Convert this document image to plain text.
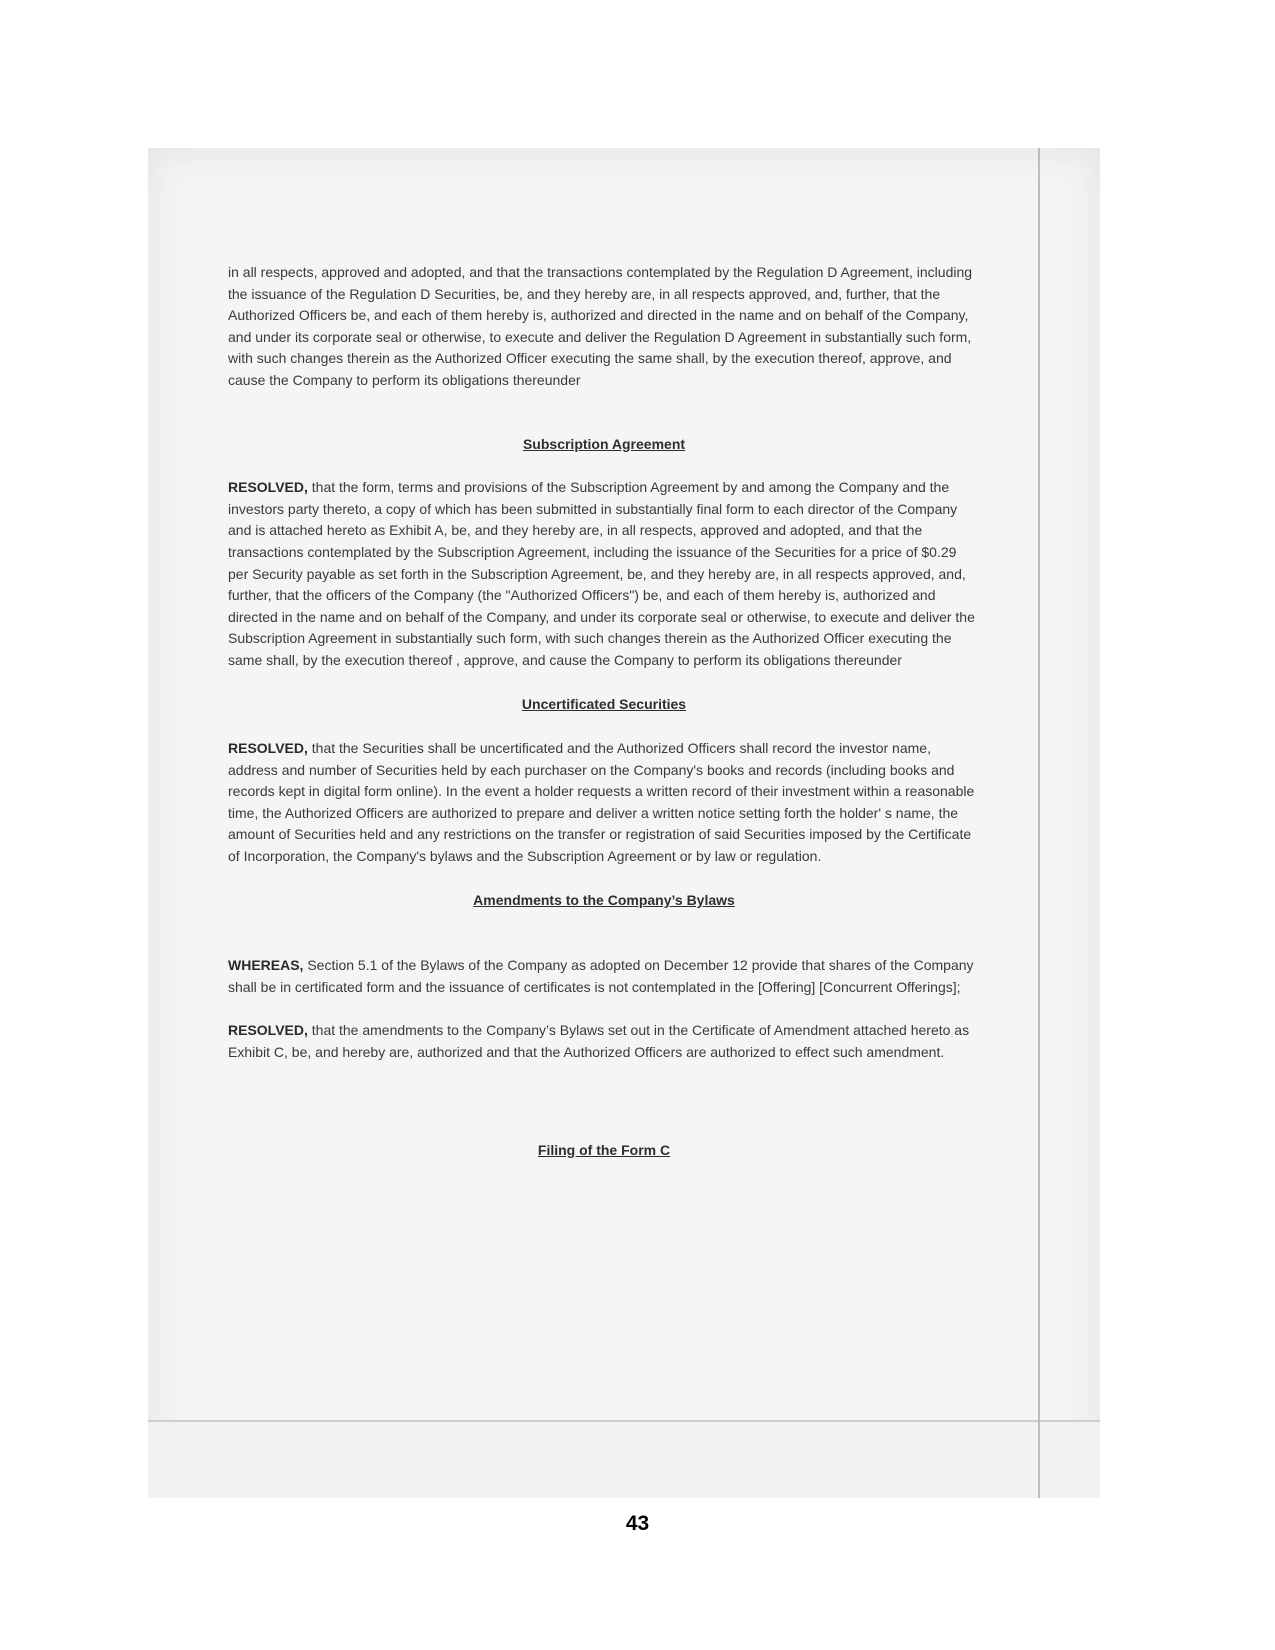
in all respects, approved and adopted, and that the transactions contemplated by the Regulation D Agreement, including the issuance of the Regulation D Securities, be, and they hereby are, in all respects approved, and, further, that the Authorized Officers be, and each of them hereby is, authorized and directed in the name and on behalf of the Company, and under its corporate seal or otherwise, to execute and deliver the Regulation D Agreement in substantially such form, with such changes therein as the Authorized Officer executing the same shall, by the execution thereof, approve, and cause the Company to perform its obligations thereunder

Subscription Agreement

RESOLVED, that the form, terms and provisions of the Subscription Agreement by and among the Company and the investors party thereto, a copy of which has been submitted in substantially final form to each director of the Company and is attached hereto as Exhibit A, be, and they hereby are, in all respects, approved and adopted, and that the transactions contemplated by the Subscription Agreement, including the issuance of the Securities for a price of $0.29 per Security payable as set forth in the Subscription Agreement, be, and they hereby are, in all respects approved, and, further, that the officers of the Company (the "Authorized Officers") be, and each of them hereby is, authorized and directed in the name and on behalf of the Company, and under its corporate seal or otherwise, to execute and deliver the Subscription Agreement in substantially such form, with such changes therein as the Authorized Officer executing the same shall, by the execution thereof , approve, and cause the Company to perform its obligations thereunder

Uncertificated Securities

RESOLVED, that the Securities shall be uncertificated and the Authorized Officers shall record the investor name, address and number of Securities held by each purchaser on the Company's books and records (including books and records kept in digital form online). In the event a holder requests a written record of their investment within a reasonable time, the Authorized Officers are authorized to prepare and deliver a written notice setting forth the holder' s name, the amount of Securities held and any restrictions on the transfer or registration of said Securities imposed by the Certificate of Incorporation, the Company's bylaws and the Subscription Agreement or by law or regulation.

Amendments to the Company’s Bylaws

WHEREAS, Section 5.1 of the Bylaws of the Company as adopted on December 12 provide that shares of the Company shall be in certificated form and the issuance of certificates is not contemplated in the [Offering] [Concurrent Offerings];

RESOLVED, that the amendments to the Company’s Bylaws set out in the Certificate of Amendment attached hereto as Exhibit C, be, and hereby are, authorized and that the Authorized Officers are authorized to effect such amendment.

Filing of the Form C

43
